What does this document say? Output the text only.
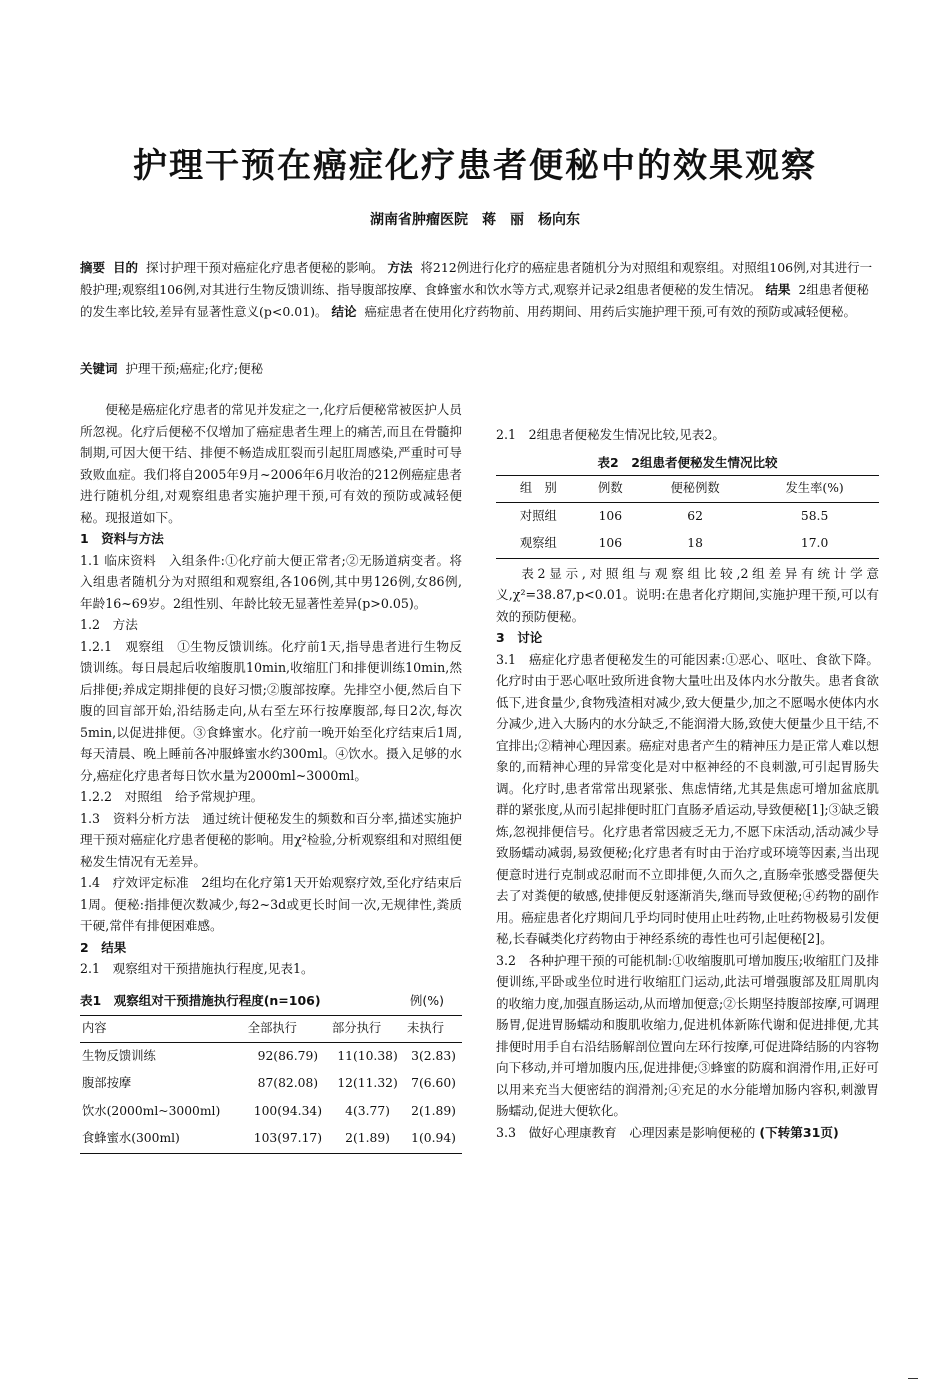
护理干预在癌症化疗患者便秘中的效果观察
湖南省肿瘤医院　蒋　丽　杨向东
摘要 目的 探讨护理干预对癌症化疗患者便秘的影响。 方法 将212例进行化疗的癌症患者随机分为对照组和观察组。对照组106例,对其进行一般护理;观察组106例,对其进行生物反馈训练、指导腹部按摩、食蜂蜜水和饮水等方式,观察并记录2组患者便秘的发生情况。 结果 2组患者便秘的发生率比较,差异有显著性意义(p<0.01)。 结论 癌症患者在使用化疗药物前、用药期间、用药后实施护理干预,可有效的预防或减轻便秘。
关键词 护理干预;癌症;化疗;便秘

便秘是癌症化疗患者的常见并发症之一,化疗后便秘常被医护人员所忽视。化疗后便秘不仅增加了癌症患者生理上的痛苦,而且在骨髓抑制期,可因大便干结、排便不畅造成肛裂而引起肛周感染,严重时可导致败血症。我们将自2005年9月~2006年6月收治的212例癌症患者进行随机分组,对观察组患者实施护理干预,可有效的预防或减轻便秘。现报道如下。

1　资料与方法

1.1 临床资料　入组条件:①化疗前大便正常者;②无肠道病变者。将入组患者随机分为对照组和观察组,各106例,其中男126例,女86例,年龄16~69岁。2组性别、年龄比较无显著性差异(p>0.05)。

1.2　方法

1.2.1　观察组　①生物反馈训练。化疗前1天,指导患者进行生物反馈训练。每日晨起后收缩腹肌10min,收缩肛门和排便训练10min,然后排便;养成定期排便的良好习惯;②腹部按摩。先排空小便,然后自下腹的回盲部开始,沿结肠走向,从右至左环行按摩腹部,每日2次,每次5min,以促进排便。③食蜂蜜水。化疗前一晚开始至化疗结束后1周,每天清晨、晚上睡前各冲服蜂蜜水约300ml。④饮水。摄入足够的水分,癌症化疗患者每日饮水量为2000ml~3000ml。

1.2.2　对照组　给予常规护理。

1.3　资料分析方法　通过统计便秘发生的频数和百分率,描述实施护理干预对癌症化疗患者便秘的影响。用χ²检验,分析观察组和对照组便秘发生情况有无差异。

1.4　疗效评定标准　2组均在化疗第1天开始观察疗效,至化疗结束后1周。便秘:指排便次数减少,每2~3d或更长时间一次,无规律性,粪质干硬,常伴有排便困难感。

2　结果

2.1　观察组对干预措施执行程度,见表1。

表1　观察组对干预措施执行程度(n=106)	例(%)
内容	全部执行	部分执行	未执行
生物反馈训练	92(86.79)	11(10.38)	3(2.83)
腹部按摩	87(82.08)	12(11.32)	7(6.60)
饮水(2000ml~3000ml)	100(94.34)	4(3.77)	2(1.89)
食蜂蜜水(300ml)	103(97.17)	2(1.89)	1(0.94)

2.1　2组患者便秘发生情况比较,见表2。

表2　2组患者便秘发生情况比较
组　别	例数	便秘例数	发生率(%)
对照组	106	62	58.5
观察组	106	18	17.0

表2显示,对照组与观察组比较,2组差异有统计学意义,χ²=38.87,p<0.01。说明:在患者化疗期间,实施护理干预,可以有效的预防便秘。

3　讨论

3.1　癌症化疗患者便秘发生的可能因素:①恶心、呕吐、食欲下降。化疗时由于恶心呕吐致所进食物大量吐出及体内水分散失。患者食欲低下,进食量少,食物残渣相对减少,致大便量少,加之不愿喝水使体内水分减少,进入大肠内的水分缺乏,不能润滑大肠,致使大便量少且干结,不宜排出;②精神心理因素。癌症对患者产生的精神压力是正常人难以想象的,而精神心理的异常变化是对中枢神经的不良刺激,可引起胃肠失调。化疗时,患者常常出现紧张、焦虑情绪,尤其是焦虑可增加盆底肌群的紧张度,从而引起排便时肛门直肠矛盾运动,导致便秘[1];③缺乏锻炼,忽视排便信号。化疗患者常因疲乏无力,不愿下床活动,活动减少导致肠蠕动减弱,易致便秘;化疗患者有时由于治疗或环境等因素,当出现便意时进行克制或忍耐而不立即排便,久而久之,直肠牵张感受器便失去了对粪便的敏感,使排便反射逐渐消失,继而导致便秘;④药物的副作用。癌症患者化疗期间几乎均同时使用止吐药物,止吐药物极易引发便秘,长春碱类化疗药物由于神经系统的毒性也可引起便秘[2]。

3.2　各种护理干预的可能机制:①收缩腹肌可增加腹压;收缩肛门及排便训练,平卧或坐位时进行收缩肛门运动,此法可增强腹部及肛周肌肉的收缩力度,加强直肠运动,从而增加便意;②长期坚持腹部按摩,可调理肠胃,促进胃肠蠕动和腹肌收缩力,促进机体新陈代谢和促进排便,尤其排便时用手自右沿结肠解剖位置向左环行按摩,可促进降结肠的内容物向下移动,并可增加腹内压,促进排便;③蜂蜜的防腐和润滑作用,正好可以用来充当大便密结的润滑剂;④充足的水分能增加肠内容积,刺激胃肠蠕动,促进大便软化。

3.3　做好心理康教育　心理因素是影响便秘的 (下转第31页)
